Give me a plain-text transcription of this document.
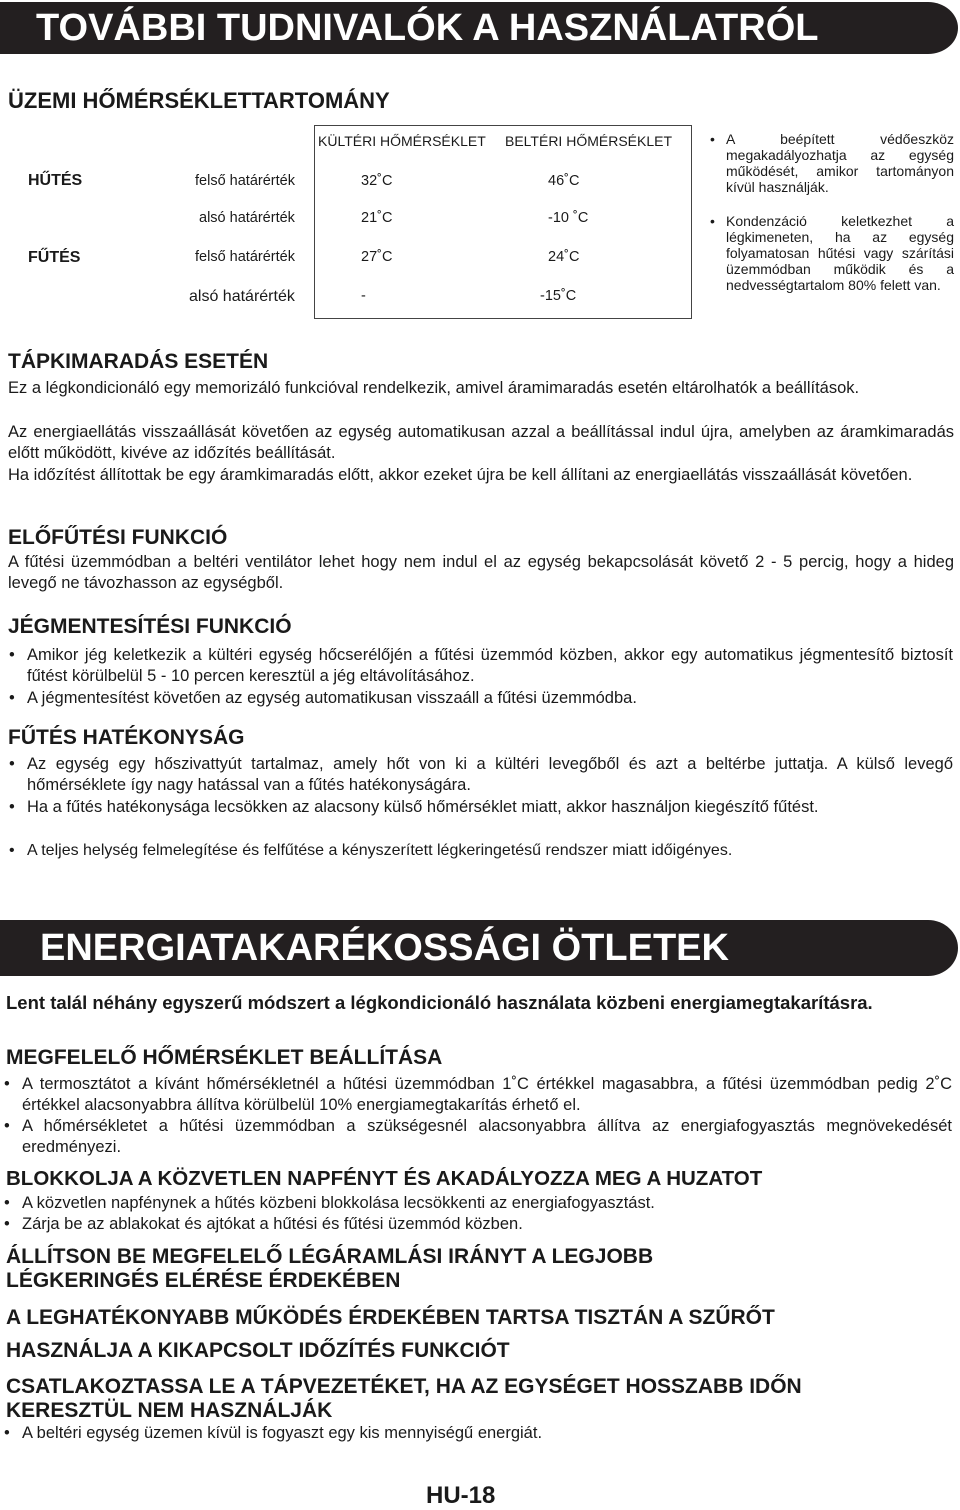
TOVÁBBI TUDNIVALÓK A HASZNÁLATRÓL
ÜZEMI HŐMÉRSÉKLETTARTOMÁNY
KÜLTÉRI HŐMÉRSÉKLET BELTÉRI HŐMÉRSÉKLET
HŰTÉS	felső határérték	32˚C	46˚C
alsó határérték	21˚C	-10 ˚C
FŰTÉS	felső határérték	27˚C	24˚C
alsó határérték	-	-15˚C
• A beépített védőeszköz megakadályozhatja az egység működését, amikor tartományon kívül használják.
• Kondenzáció keletkezhet a légkimeneten, ha az egység folyamatosan hűtési vagy szárítási üzemmódban működik és a nedvességtartalom 80% felett van.
TÁPKIMARADÁS ESETÉN
Ez a légkondicionáló egy memorizáló funkcióval rendelkezik, amivel áramimaradás esetén eltárolhatók a beállítások.
Az energiaellátás visszaállását követően az egység automatikusan azzal a beállítással indul újra, amelyben az áramkimaradás előtt működött, kivéve az időzítés beállítását.
Ha időzítést állítottak be egy áramkimaradás előtt, akkor ezeket újra be kell állítani az energiaellátás visszaállását követően.
ELŐFŰTÉSI FUNKCIÓ
A fűtési üzemmódban a beltéri ventilátor lehet hogy nem indul el az egység bekapcsolását követő 2 - 5 percig, hogy a hideg levegő ne távozhasson az egységből.
JÉGMENTESÍTÉSI FUNKCIÓ
• Amikor jég keletkezik a kültéri egység hőcserélőjén a fűtési üzemmód közben, akkor egy automatikus jégmentesítő biztosít fűtést körülbelül 5 - 10 percen keresztül a jég eltávolításához.
• A jégmentesítést követően az egység automatikusan visszaáll a fűtési üzemmódba.
FŰTÉS HATÉKONYSÁG
• Az egység egy hőszivattyút tartalmaz, amely hőt von ki a kültéri levegőből és azt a beltérbe juttatja. A külső levegő hőmérséklete így nagy hatással van a fűtés hatékonyságára.
• Ha a fűtés hatékonysága lecsökken az alacsony külső hőmérséklet miatt, akkor használjon kiegészítő fűtést.
• A teljes helység felmelegítése és felfűtése a kényszerített légkeringetésű rendszer miatt időigényes.
ENERGIATAKARÉKOSSÁGI ÖTLETEK
Lent talál néhány egyszerű módszert a légkondicionáló használata közbeni energiamegtakarításra.
MEGFELELŐ HŐMÉRSÉKLET BEÁLLÍTÁSA
• A termosztátot a kívánt hőmérsékletnél a hűtési üzemmódban 1˚C értékkel magasabbra, a fűtési üzemmódban pedig 2˚C értékkel alacsonyabbra állítva körülbelül 10% energiamegtakarítás érhető el.
• A hőmérsékletet a hűtési üzemmódban a szükségesnél alacsonyabbra állítva az energiafogyasztás megnövekedését eredményezi.
BLOKKOLJA A KÖZVETLEN NAPFÉNYT ÉS AKADÁLYOZZA MEG A HUZATOT
• A közvetlen napfénynek a hűtés közbeni blokkolása lecsökkenti az energiafogyasztást.
• Zárja be az ablakokat és ajtókat a hűtési és fűtési üzemmód közben.
ÁLLÍTSON BE MEGFELELŐ LÉGÁRAMLÁSI IRÁNYT A LEGJOBB LÉGKERINGÉS ELÉRÉSE ÉRDEKÉBEN
A LEGHATÉKONYABB MŰKÖDÉS ÉRDEKÉBEN TARTSA TISZTÁN A SZŰRŐT
HASZNÁLJA A KIKAPCSOLT IDŐZÍTÉS FUNKCIÓT
CSATLAKOZTASSA LE A TÁPVEZETÉKET, HA AZ EGYSÉGET HOSSZABB IDŐN KERESZTÜL NEM HASZNÁLJÁK
• A beltéri egység üzemen kívül is fogyaszt egy kis mennyiségű energiát.
HU-18
